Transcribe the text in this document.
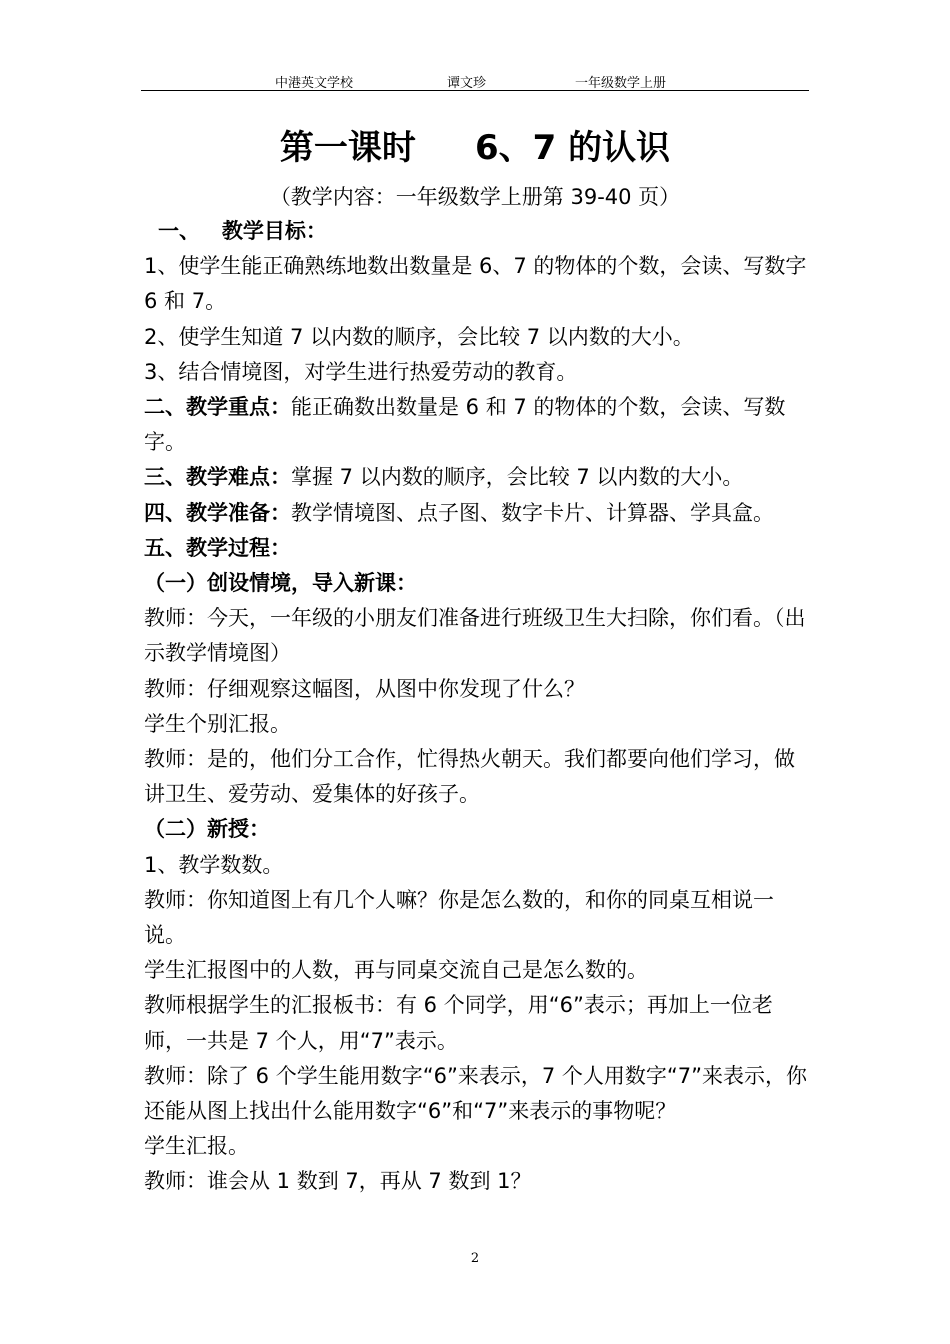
中港英文学校	谭文珍	一年级数学上册
第一课时     6、7 的认识
（教学内容：一年级数学上册第 39-40 页）

一、   教学目标：

1、使学生能正确熟练地数出数量是 6、7 的物体的个数，会读、写数字 6 和 7。

2、使学生知道 7 以内数的顺序，会比较 7 以内数的大小。

3、结合情境图，对学生进行热爱劳动的教育。

二、教学重点：能正确数出数量是 6 和 7 的物体的个数，会读、写数字。

三、教学难点：掌握 7 以内数的顺序，会比较 7 以内数的大小。

四、教学准备：教学情境图、点子图、数字卡片、计算器、学具盒。

五、教学过程：

（一）创设情境，导入新课：

教师：今天，一年级的小朋友们准备进行班级卫生大扫除，你们看。（出示教学情境图）

教师：仔细观察这幅图，从图中你发现了什么？

学生个别汇报。

教师：是的，他们分工合作，忙得热火朝天。我们都要向他们学习，做讲卫生、爱劳动、爱集体的好孩子。

（二）新授：

1、教学数数。

教师：你知道图上有几个人嘛？你是怎么数的，和你的同桌互相说一说。

学生汇报图中的人数，再与同桌交流自己是怎么数的。

教师根据学生的汇报板书：有 6 个同学，用“6”表示；再加上一位老师，一共是 7 个人，用“7”表示。

教师：除了 6 个学生能用数字“6”来表示，7 个人用数字“7”来表示，你还能从图上找出什么能用数字“6”和“7”来表示的事物呢？

学生汇报。

教师：谁会从 1 数到 7，再从 7 数到 1？

2
